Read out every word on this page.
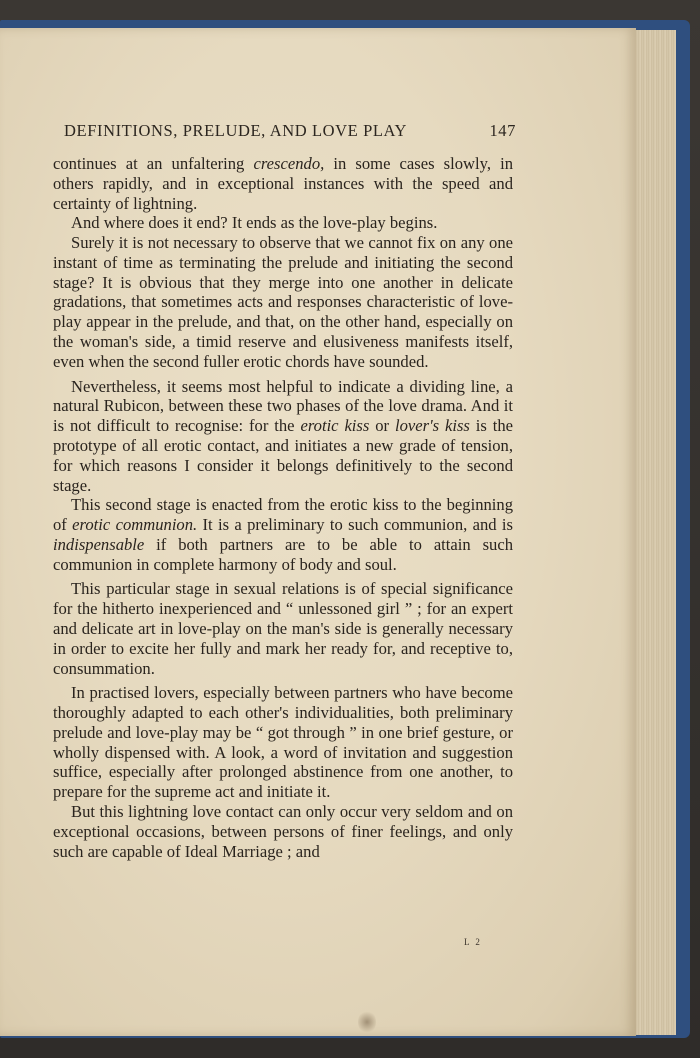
DEFINITIONS, PRELUDE, AND LOVE PLAY	147

continues at an unfaltering crescendo, in some cases slowly, in others rapidly, and in exceptional instances with the speed and certainty of lightning.

And where does it end? It ends as the love-play begins.

Surely it is not necessary to observe that we cannot fix on any one instant of time as terminating the prelude and initiating the second stage? It is obvious that they merge into one another in delicate gradations, that sometimes acts and responses characteristic of love-play appear in the prelude, and that, on the other hand, especially on the woman's side, a timid reserve and elusiveness manifests itself, even when the second fuller erotic chords have sounded.

Nevertheless, it seems most helpful to indicate a dividing line, a natural Rubicon, between these two phases of the love drama. And it is not difficult to recognise: for the erotic kiss or lover's kiss is the prototype of all erotic contact, and initiates a new grade of tension, for which reasons I consider it belongs definitively to the second stage.

This second stage is enacted from the erotic kiss to the beginning of erotic communion. It is a preliminary to such communion, and is indispensable if both partners are to be able to attain such communion in complete harmony of body and soul.

This particular stage in sexual relations is of special significance for the hitherto inexperienced and “ unlessoned girl ” ; for an expert and delicate art in love-play on the man's side is generally necessary in order to excite her fully and mark her ready for, and receptive to, consummation.

In practised lovers, especially between partners who have become thoroughly adapted to each other's individualities, both preliminary prelude and love-play may be “ got through ” in one brief gesture, or wholly dispensed with. A look, a word of invitation and suggestion suffice, especially after prolonged abstinence from one another, to prepare for the supreme act and initiate it.

But this lightning love contact can only occur very seldom and on exceptional occasions, between persons of finer feelings, and only such are capable of Ideal Marriage ; and

L 2
